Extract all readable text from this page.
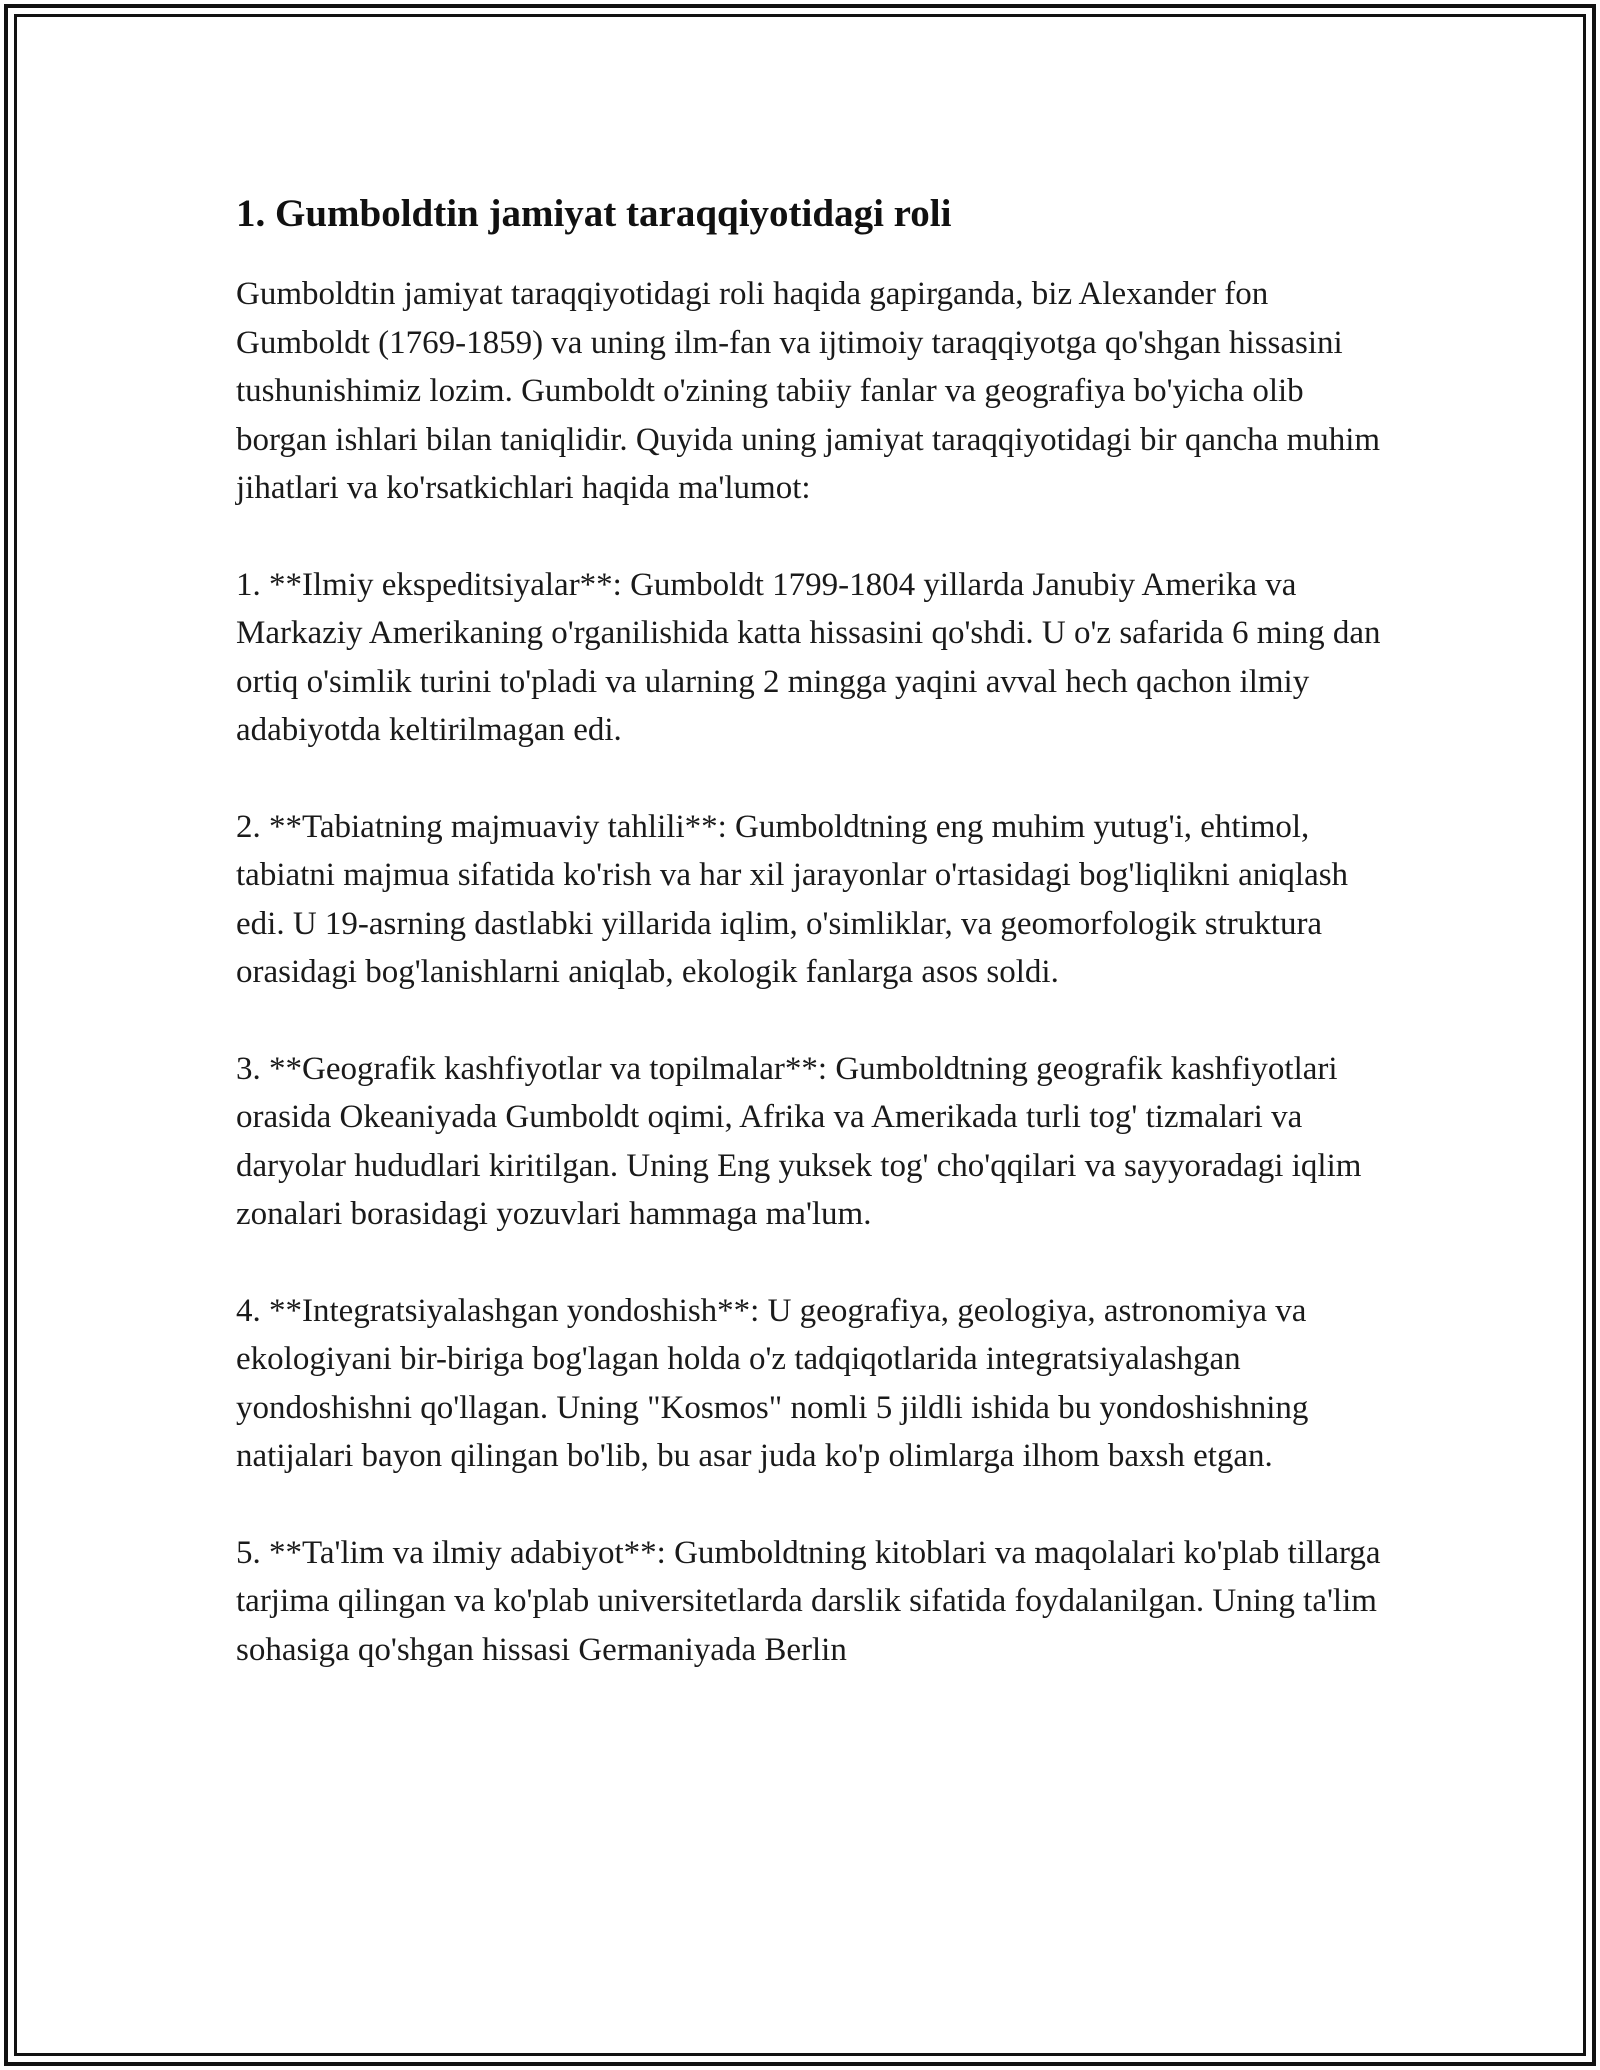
1. Gumboldtin jamiyat taraqqiyotidagi roli

Gumboldtin jamiyat taraqqiyotidagi roli haqida gapirganda, biz Alexander fon Gumboldt (1769-1859) va uning ilm-fan va ijtimoiy taraqqiyotga qo'shgan hissasini tushunishimiz lozim. Gumboldt o'zining tabiiy fanlar va geografiya bo'yicha olib borgan ishlari bilan taniqlidir. Quyida uning jamiyat taraqqiyotidagi bir qancha muhim jihatlari va ko'rsatkichlari haqida ma'lumot:

1. **Ilmiy ekspeditsiyalar**: Gumboldt 1799-1804 yillarda Janubiy Amerika va Markaziy Amerikaning o'rganilishida katta hissasini qo'shdi. U o'z safarida 6 ming dan ortiq o'simlik turini to'pladi va ularning 2 mingga yaqini avval hech qachon ilmiy adabiyotda keltirilmagan edi.

2. **Tabiatning majmuaviy tahlili**: Gumboldtning eng muhim yutug'i, ehtimol, tabiatni majmua sifatida ko'rish va har xil jarayonlar o'rtasidagi bog'liqlikni aniqlash edi. U 19-asrning dastlabki yillarida iqlim, o'simliklar, va geomorfologik struktura orasidagi bog'lanishlarni aniqlab, ekologik fanlarga asos soldi.

3. **Geografik kashfiyotlar va topilmalar**: Gumboldtning geografik kashfiyotlari orasida Okeaniyada Gumboldt oqimi, Afrika va Amerikada turli tog' tizmalari va daryolar hududlari kiritilgan. Uning Eng yuksek tog' cho'qqilari va sayyoradagi iqlim zonalari borasidagi yozuvlari hammaga ma'lum.

4. **Integratsiyalashgan yondoshish**: U geografiya, geologiya, astronomiya va ekologiyani bir-biriga bog'lagan holda o'z tadqiqotlarida integratsiyalashgan yondoshishni qo'llagan. Uning "Kosmos" nomli 5 jildli ishida bu yondoshishning natijalari bayon qilingan bo'lib, bu asar juda ko'p olimlarga ilhom baxsh etgan.

5. **Ta'lim va ilmiy adabiyot**: Gumboldtning kitoblari va maqolalari ko'plab tillarga tarjima qilingan va ko'plab universitetlarda darslik sifatida foydalanilgan. Uning ta'lim sohasiga qo'shgan hissasi Germaniyada Berlin
